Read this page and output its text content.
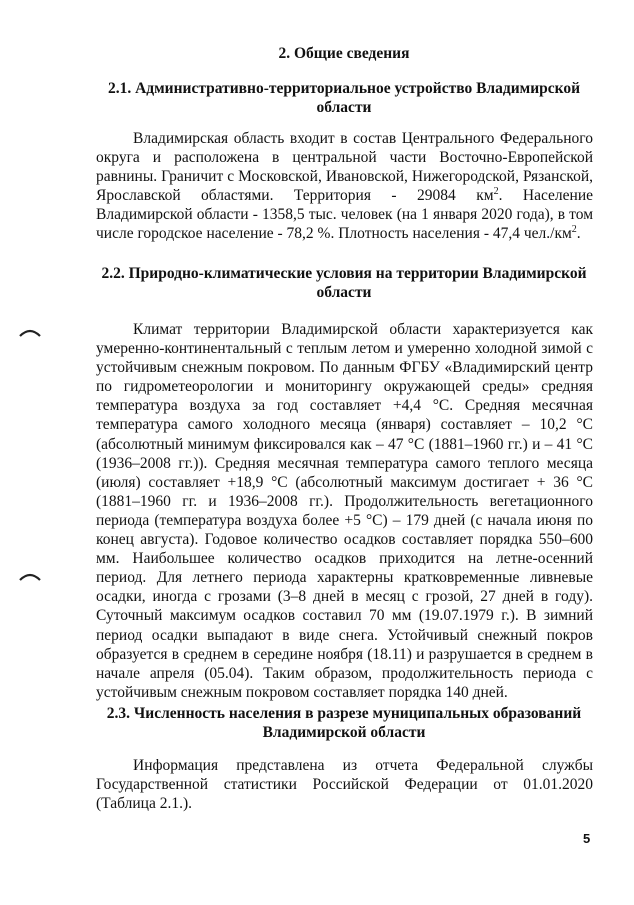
2. Общие сведения

2.1. Административно-территориальное устройство Владимирской области

Владимирская область входит в состав Центрального Федерального округа и расположена в центральной части Восточно-Европейской равнины. Граничит с Московской, Ивановской, Нижегородской, Рязанской, Ярославской областями. Территория - 29084 $км^2$. Население Владимирской области - 1358,5 тыс. человек (на 1 января 2020 года), в том числе городское население - 78,2 %. Плотность населения - 47,4 $чел./км^2$.

2.2. Природно-климатические условия на территории Владимирской области

Климат территории Владимирской области характеризуется как умеренно-континентальный с теплым летом и умеренно холодной зимой с устойчивым снежным покровом. По данным ФГБУ «Владимирский центр по гидрометеорологии и мониторингу окружающей среды» средняя температура воздуха за год составляет +4,4 °С. Средняя месячная температура самого холодного месяца (января) составляет – 10,2 °С (абсолютный минимум фиксировался как – 47 °С (1881–1960 гг.) и – 41 °С (1936–2008 гг.)). Средняя месячная температура самого теплого месяца (июля) составляет +18,9 °С (абсолютный максимум достигает + 36 °С (1881–1960 гг. и 1936–2008 гг.). Продолжительность вегетационного периода (температура воздуха более +5 °С) – 179 дней (с начала июня по конец августа). Годовое количество осадков составляет порядка 550–600 мм. Наибольшее количество осадков приходится на летне-осенний период. Для летнего периода характерны кратковременные ливневые осадки, иногда с грозами (3–8 дней в месяц с грозой, 27 дней в году). Суточный максимум осадков составил 70 мм (19.07.1979 г.). В зимний период осадки выпадают в виде снега. Устойчивый снежный покров образуется в среднем в середине ноября (18.11) и разрушается в среднем в начале апреля (05.04). Таким образом, продолжительность периода с устойчивым снежным покровом составляет порядка 140 дней.

2.3. Численность населения в разрезе муниципальных образований Владимирской области

Информация представлена из отчета Федеральной службы Государственной статистики Российской Федерации от 01.01.2020 (Таблица 2.1.).

5
